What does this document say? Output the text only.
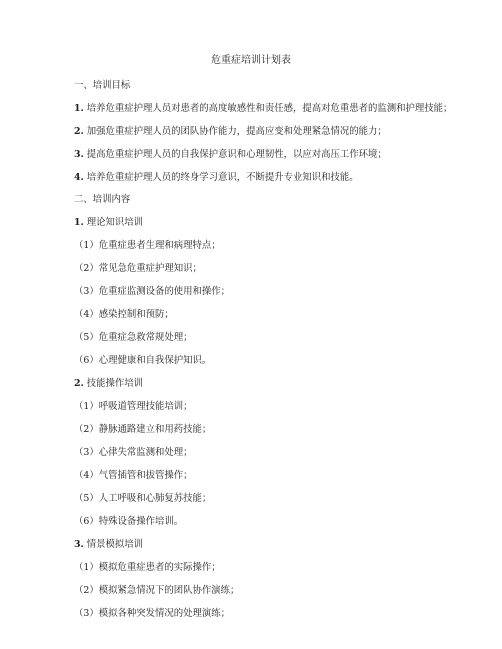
危重症培训计划表
一、培训目标
1. 培养危重症护理人员对患者的高度敏感性和责任感，提高对危重患者的监测和护理技能；
2. 加强危重症护理人员的团队协作能力，提高应变和处理紧急情况的能力；
3. 提高危重症护理人员的自我保护意识和心理韧性，以应对高压工作环境；
4. 培养危重症护理人员的终身学习意识，不断提升专业知识和技能。
二、培训内容
1. 理论知识培训
（1）危重症患者生理和病理特点；
（2）常见急危重症护理知识；
（3）危重症监测设备的使用和操作；
（4）感染控制和预防；
（5）危重症急救常规处理；
（6）心理健康和自我保护知识。
2. 技能操作培训
（1）呼吸道管理技能培训；
（2）静脉通路建立和用药技能；
（3）心律失常监测和处理；
（4）气管插管和拔管操作；
（5）人工呼吸和心肺复苏技能；
（6）特殊设备操作培训。
3. 情景模拟培训
（1）模拟危重症患者的实际操作；
（2）模拟紧急情况下的团队协作演练；
（3）模拟各种突发情况的处理演练；
